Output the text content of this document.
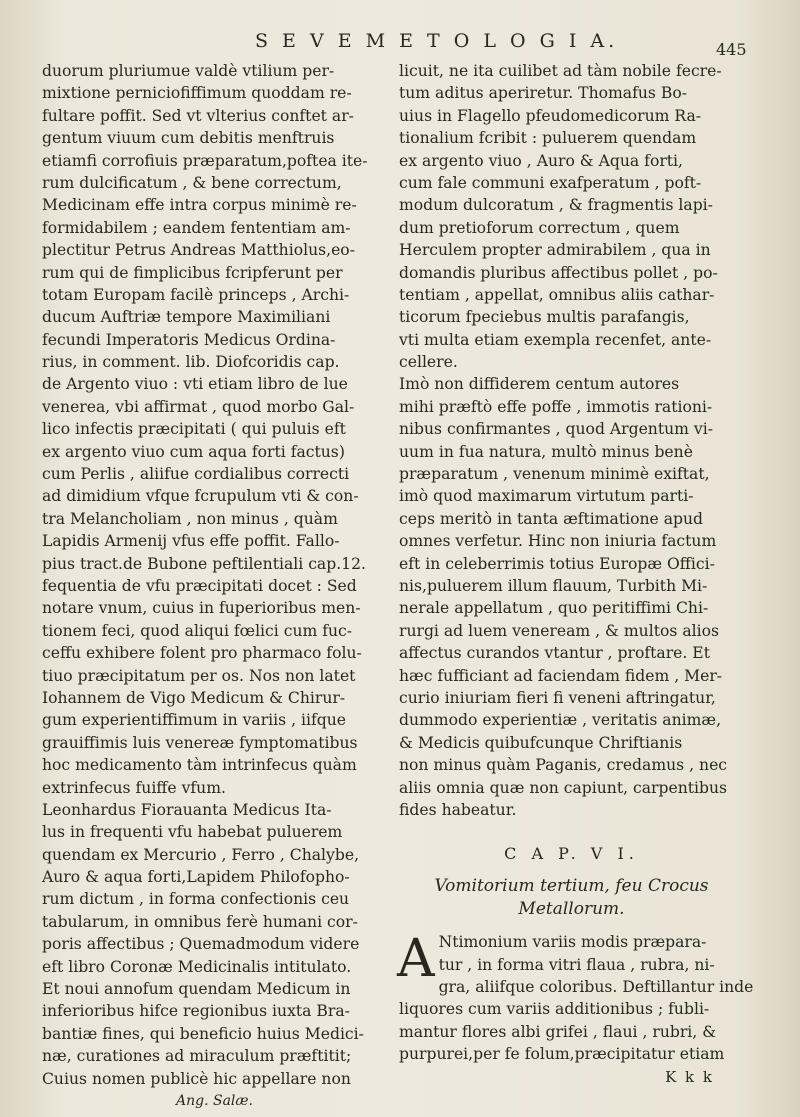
S E V E M E T O L O G I A.	445
duorum pluriumue valdè vtilium per-
mixtione perniciofiffimum quoddam re-
fultare poffit. Sed vt vlterius conftet ar-
gentum viuum cum debitis menftruis
etiamfi corrofiuis præparatum,poftea ite-
rum dulcificatum , & bene correctum,
Medicinam effe intra corpus minimè re-
formidabilem ; eandem fententiam am-
plectitur Petrus Andreas Matthiolus,eo-
rum qui de fimplicibus fcripferunt per
totam Europam facilè princeps , Archi-
ducum Auftriæ tempore Maximiliani
fecundi Imperatoris Medicus Ordina-
rius, in comment. lib. Diofcoridis cap.
de Argento viuo : vti etiam libro de lue
venerea, vbi affirmat , quod morbo Gal-
lico infectis præcipitati ( qui puluis eft
ex argento viuo cum aqua forti factus)
cum Perlis , aliifue cordialibus correcti
ad dimidium vfque fcrupulum vti & con-
tra Melancholiam , non minus , quàm
Lapidis Armenij vfus effe poffit. Fallo-
pius tract.de Bubone peftilentiali cap.12.
fequentia de vfu præcipitati docet : Sed
notare vnum, cuius in fuperioribus men-
tionem feci, quod aliqui fœlici cum fuc-
ceffu exhibere folent pro pharmaco folu-
tiuo præcipitatum per os. Nos non latet
Iohannem de Vigo Medicum & Chirur-
gum experientiffimum in variis , iifque
grauiffimis luis venereæ fymptomatibus
hoc medicamento tàm intrinfecus quàm
extrinfecus fuiffe vfum.
Leonhardus Fiorauanta Medicus Ita-
lus in frequenti vfu habebat puluerem
quendam ex Mercurio , Ferro , Chalybe,
Auro & aqua forti,Lapidem Philofopho-
rum dictum , in forma confectionis ceu
tabularum, in omnibus ferè humani cor-
poris affectibus ; Quemadmodum videre
eft libro Coronæ Medicinalis intitulato.
Et noui annofum quendam Medicum in
inferioribus hifce regionibus iuxta Bra-
bantiæ fines, qui beneficio huius Medici-
næ, curationes ad miraculum præftitit;
Cuius nomen publicè hic appellare non
Ang. Salæ.
licuit, ne ita cuilibet ad tàm nobile fecre-
tum aditus aperiretur. Thomafus Bo-
uius in Flagello pfeudomedicorum Ra-
tionalium fcribit : puluerem quendam
ex argento viuo , Auro & Aqua forti,
cum fale communi exafperatum , poft-
modum dulcoratum , & fragmentis lapi-
dum pretioforum correctum , quem
Herculem propter admirabilem , qua in
domandis pluribus affectibus pollet , po-
tentiam , appellat, omnibus aliis cathar-
ticorum fpeciebus multis parafangis,
vti multa etiam exempla recenfet, ante-
cellere.
Imò non diffiderem centum autores
mihi præftò effe poffe , immotis rationi-
nibus confirmantes , quod Argentum vi-
uum in fua natura, multò minus benè
præparatum , venenum minimè exiftat,
imò quod maximarum virtutum parti-
ceps meritò in tanta æftimatione apud
omnes verfetur. Hinc non iniuria factum
eft in celeberrimis totius Europæ Offici-
nis,puluerem illum flauum, Turbith Mi-
nerale appellatum , quo peritiffimi Chi-
rurgi ad luem veneream , & multos alios
affectus curandos vtantur , proftare. Et
hæc fufficiant ad faciendam fidem , Mer-
curio iniuriam fieri fi veneni aftringatur,
dummodo experientiæ , veritatis animæ,
& Medicis quibufcunque Chriftianis
non minus quàm Paganis, credamus , nec
aliis omnia quæ non capiunt, carpentibus
fides habeatur.
C A P. V I.
Vomitorium tertium, feu Crocus
Metallorum.
A Ntimonium variis modis præpara-
tur , in forma vitri flaua , rubra, ni-
gra, aliifque coloribus. Deftillantur inde
liquores cum variis additionibus ; fubli-
mantur flores albi grifei , flaui , rubri, &
purpurei,per fe folum,præcipitatur etiam
K k k
